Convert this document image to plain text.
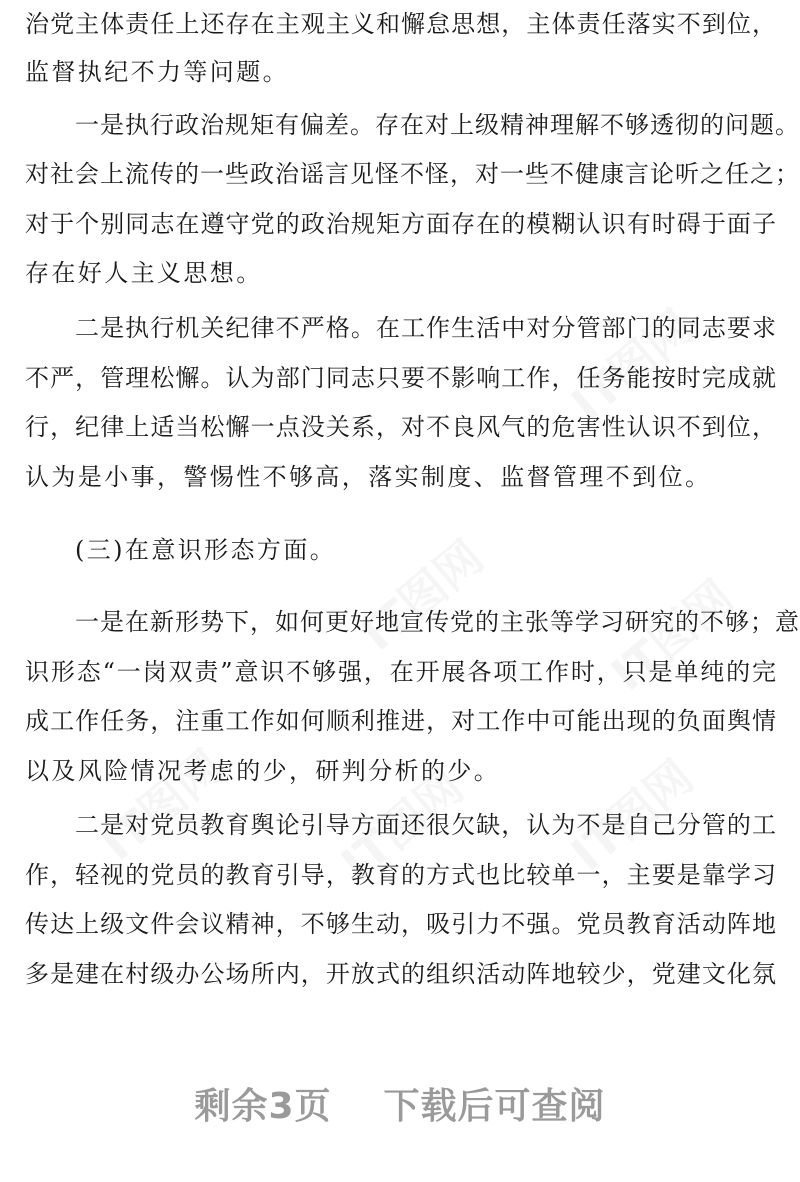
治党主体责任上还存在主观主义和懈怠思想，主体责任落实不到位，
监督执纪不力等问题。
一是执行政治规矩有偏差。存在对上级精神理解不够透彻的问题。
对社会上流传的一些政治谣言见怪不怪，对一些不健康言论听之任之；
对于个别同志在遵守党的政治规矩方面存在的模糊认识有时碍于面子
存在好人主义思想。
二是执行机关纪律不严格。在工作生活中对分管部门的同志要求
不严，管理松懈。认为部门同志只要不影响工作，任务能按时完成就
行，纪律上适当松懈一点没关系，对不良风气的危害性认识不到位，
认为是小事，警惕性不够高，落实制度、监督管理不到位。
(三)在意识形态方面。
一是在新形势下，如何更好地宣传党的主张等学习研究的不够；意
识形态“一岗双责”意识不够强，在开展各项工作时，只是单纯的完
成工作任务，注重工作如何顺利推进，对工作中可能出现的负面舆情
以及风险情况考虑的少，研判分析的少。
二是对党员教育舆论引导方面还很欠缺，认为不是自己分管的工
作，轻视的党员的教育引导，教育的方式也比较单一，主要是靠学习
传达上级文件会议精神，不够生动，吸引力不强。党员教育活动阵地
多是建在村级办公场所内，开放式的组织活动阵地较少，党建文化氛
剩余3页 下载后可查阅
